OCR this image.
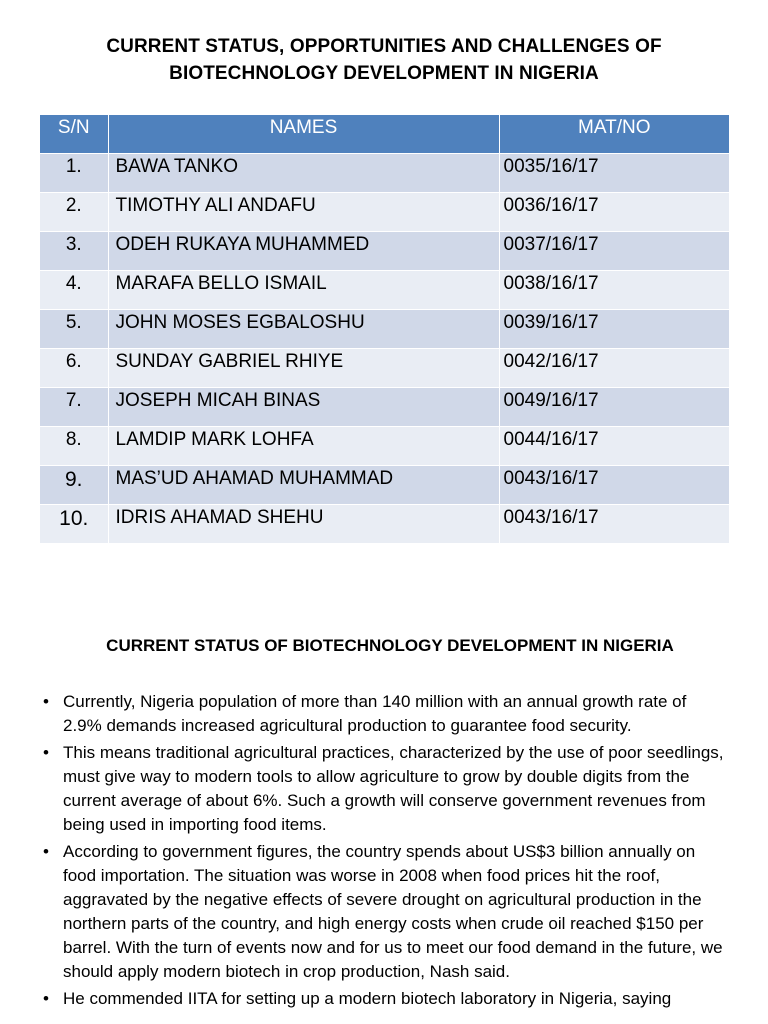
CURRENT STATUS, OPPORTUNITIES AND CHALLENGES OF
BIOTECHNOLOGY DEVELOPMENT IN NIGERIA
S/N	NAMES	MAT/NO
1.	BAWA TANKO	0035/16/17
2.	TIMOTHY ALI ANDAFU	0036/16/17
3.	ODEH RUKAYA MUHAMMED	0037/16/17
4.	MARAFA BELLO ISMAIL	0038/16/17
5.	JOHN MOSES EGBALOSHU	0039/16/17
6.	SUNDAY GABRIEL RHIYE	0042/16/17
7.	JOSEPH MICAH BINAS	0049/16/17
8.	LAMDIP MARK LOHFA	0044/16/17
9.	MAS’UD AHAMAD MUHAMMAD	0043/16/17
10.	IDRIS AHAMAD SHEHU	0043/16/17
CURRENT STATUS OF BIOTECHNOLOGY DEVELOPMENT IN NIGERIA
• Currently, Nigeria population of more than 140 million with an annual growth rate of 2.9% demands increased agricultural production to guarantee food security.
• This means traditional agricultural practices, characterized by the use of poor seedlings, must give way to modern tools to allow agriculture to grow by double digits from the current average of about 6%. Such a growth will conserve government revenues from being used in importing food items.
• According to government figures, the country spends about US$3 billion annually on food importation. The situation was worse in 2008 when food prices hit the roof, aggravated by the negative effects of severe drought on agricultural production in the northern parts of the country, and high energy costs when crude oil reached $150 per barrel. With the turn of events now and for us to meet our food demand in the future, we should apply modern biotech in crop production, Nash said.
• He commended IITA for setting up a modern biotech laboratory in Nigeria, saying
